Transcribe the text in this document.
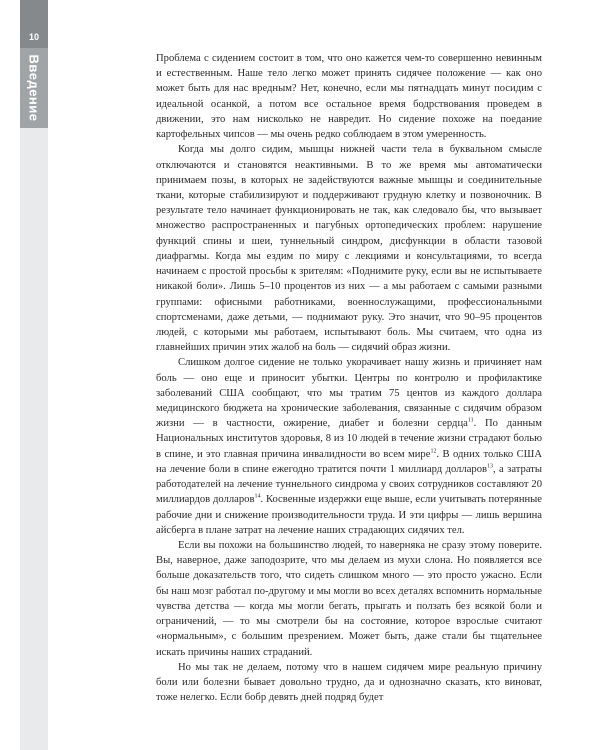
10
Введение	Проблема с сидением состоит в том, что оно кажется чем-то совершенно невинным и естественным. Наше тело легко может принять сидячее положение — как оно может быть для нас вредным? Нет, конечно, если мы пятнадцать минут посидим с идеальной осанкой, а потом все остальное время бодрствования проведем в движении, это нам нисколько не навредит. Но сидение похоже на поедание картофельных чипсов — мы очень редко соблюдаем в этом умеренность.

Когда мы долго сидим, мышцы нижней части тела в буквальном смысле отключаются и становятся неактивными. В то же время мы автоматически принимаем позы, в которых не задействуются важные мышцы и соединительные ткани, которые стабилизируют и поддерживают грудную клетку и позвоночник. В результате тело начинает функционировать не так, как следовало бы, что вызывает множество распространенных и пагубных ортопедических проблем: нарушение функций спины и шеи, туннельный синдром, дисфункции в области тазовой диафрагмы. Когда мы ездим по миру с лекциями и консультациями, то всегда начинаем с простой просьбы к зрителям: «Поднимите руку, если вы не испытываете никакой боли». Лишь 5–10 процентов из них — а мы работаем с самыми разными группами: офисными работниками, военнослужащими, профессиональными спортсменами, даже детьми, — поднимают руку. Это значит, что 90–95 процентов людей, с которыми мы работаем, испытывают боль. Мы считаем, что одна из главнейших причин этих жалоб на боль — сидячий образ жизни.

Слишком долгое сидение не только укорачивает нашу жизнь и причиняет нам боль — оно еще и приносит убытки. Центры по контролю и профилактике заболеваний США сообщают, что мы тратим 75 центов из каждого доллара медицинского бюджета на хронические заболевания, связанные с сидячим образом жизни — в частности, ожирение, диабет и болезни сердца$^{11}$. По данным Национальных институтов здоровья, 8 из 10 людей в течение жизни страдают болью в спине, и это главная причина инвалидности во всем мире$^{12}$. В одних только США на лечение боли в спине ежегодно тратится почти 1 миллиард долларов$^{13}$, а затраты работодателей на лечение туннельного синдрома у своих сотрудников составляют 20 миллиардов долларов$^{14}$. Косвенные издержки еще выше, если учитывать потерянные рабочие дни и снижение производительности труда. И эти цифры — лишь вершина айсберга в плане затрат на лечение наших страдающих сидячих тел.

Если вы похожи на большинство людей, то наверняка не сразу этому поверите. Вы, наверное, даже заподозрите, что мы делаем из мухи слона. Но появляется все больше доказательств того, что сидеть слишком много — это просто ужасно. Если бы наш мозг работал по-другому и мы могли во всех деталях вспомнить нормальные чувства детства — когда мы могли бегать, прыгать и ползать без всякой боли и ограничений, — то мы смотрели бы на состояние, которое взрослые считают «нормальным», с большим презрением. Может быть, даже стали бы тщательнее искать причины наших страданий.

Но мы так не делаем, потому что в нашем сидячем мире реальную причину боли или болезни бывает довольно трудно, да и однозначно сказать, кто виноват, тоже нелегко. Если бобр девять дней подряд будет
